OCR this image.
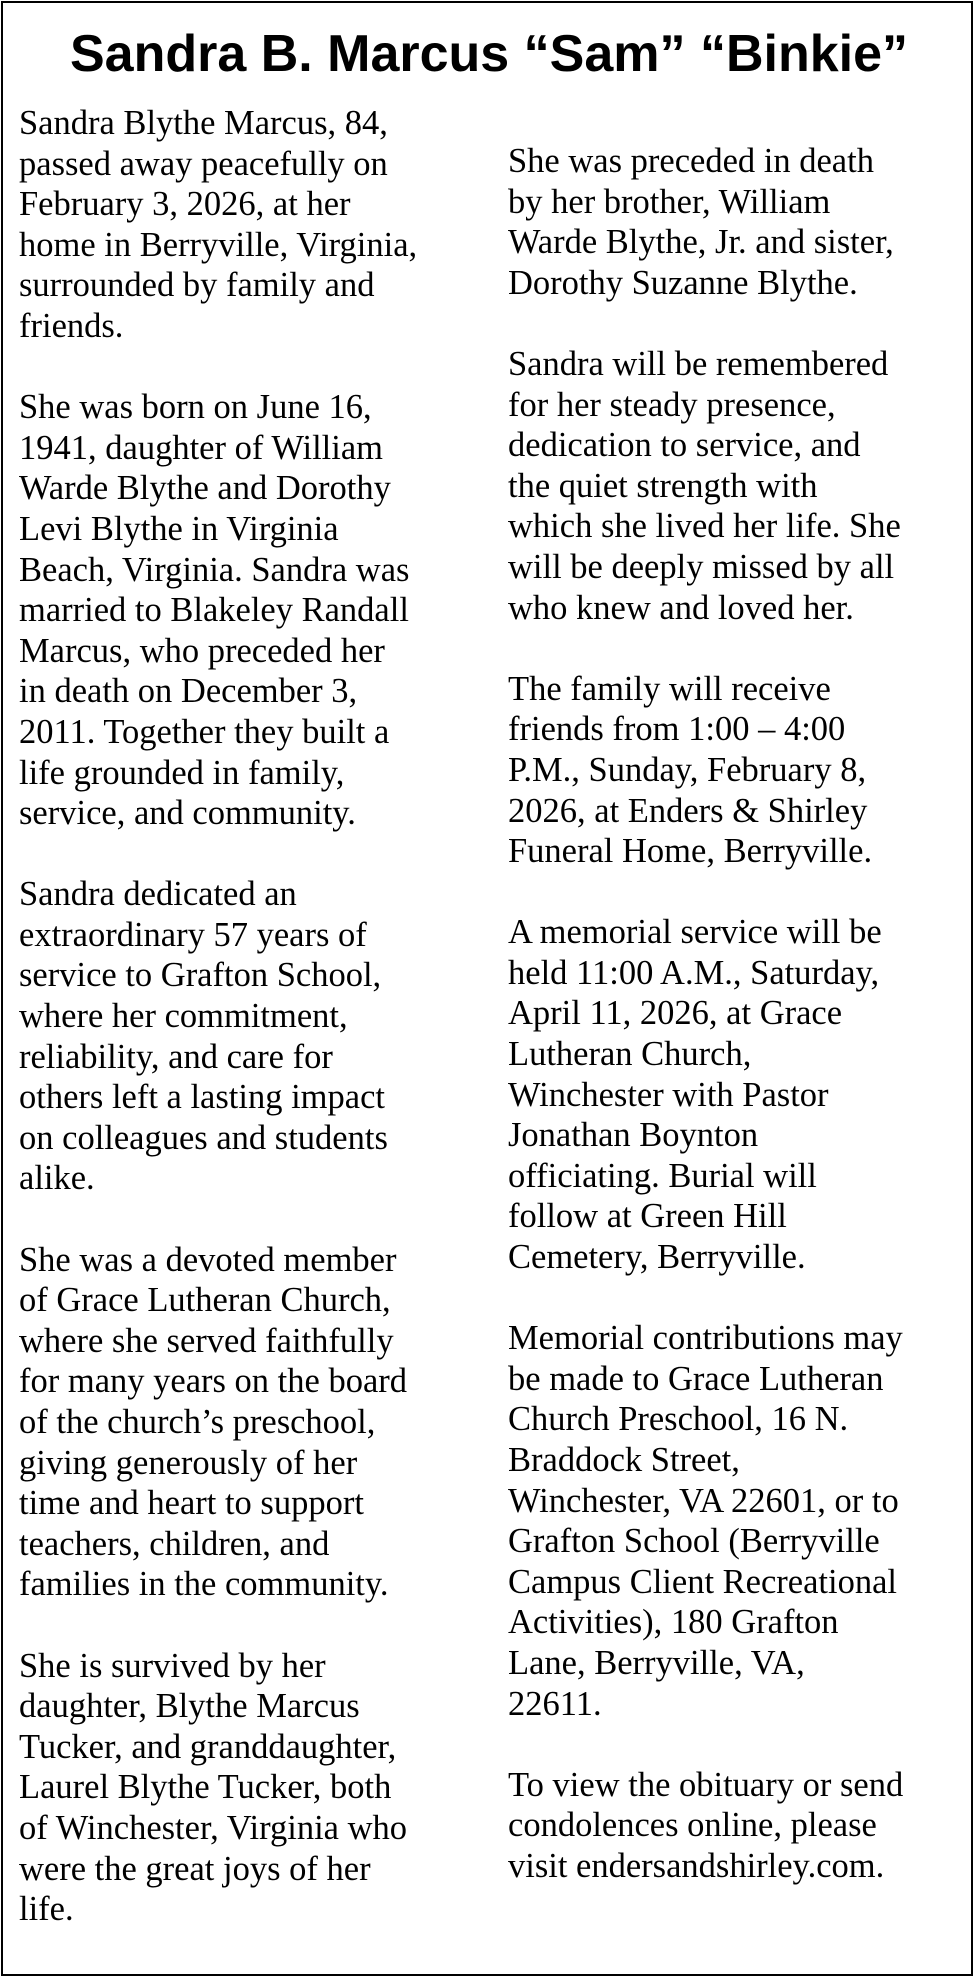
Sandra B. Marcus “Sam” “Binkie”
Sandra Blythe Marcus, 84,
passed away peacefully on
February 3, 2026, at her
home in Berryville, Virginia,
surrounded by family and
friends.
She was born on June 16,
1941, daughter of William
Warde Blythe and Dorothy
Levi Blythe in Virginia
Beach, Virginia. Sandra was
married to Blakeley Randall
Marcus, who preceded her
in death on December 3,
2011. Together they built a
life grounded in family,
service, and community.
Sandra dedicated an
extraordinary 57 years of
service to Grafton School,
where her commitment,
reliability, and care for
others left a lasting impact
on colleagues and students
alike.
She was a devoted member
of Grace Lutheran Church,
where she served faithfully
for many years on the board
of the church’s preschool,
giving generously of her
time and heart to support
teachers, children, and
families in the community.
She is survived by her
daughter, Blythe Marcus
Tucker, and granddaughter,
Laurel Blythe Tucker, both
of Winchester, Virginia who
were the great joys of her
life.
She was preceded in death
by her brother, William
Warde Blythe, Jr. and sister,
Dorothy Suzanne Blythe.
Sandra will be remembered
for her steady presence,
dedication to service, and
the quiet strength with
which she lived her life. She
will be deeply missed by all
who knew and loved her.
The family will receive
friends from 1:00 – 4:00
P.M., Sunday, February 8,
2026, at Enders & Shirley
Funeral Home, Berryville.
A memorial service will be
held 11:00 A.M., Saturday,
April 11, 2026, at Grace
Lutheran Church,
Winchester with Pastor
Jonathan Boynton
officiating. Burial will
follow at Green Hill
Cemetery, Berryville.
Memorial contributions may
be made to Grace Lutheran
Church Preschool, 16 N.
Braddock Street,
Winchester, VA 22601, or to
Grafton School (Berryville
Campus Client Recreational
Activities), 180 Grafton
Lane, Berryville, VA,
22611.
To view the obituary or send
condolences online, please
visit endersandshirley.com.
